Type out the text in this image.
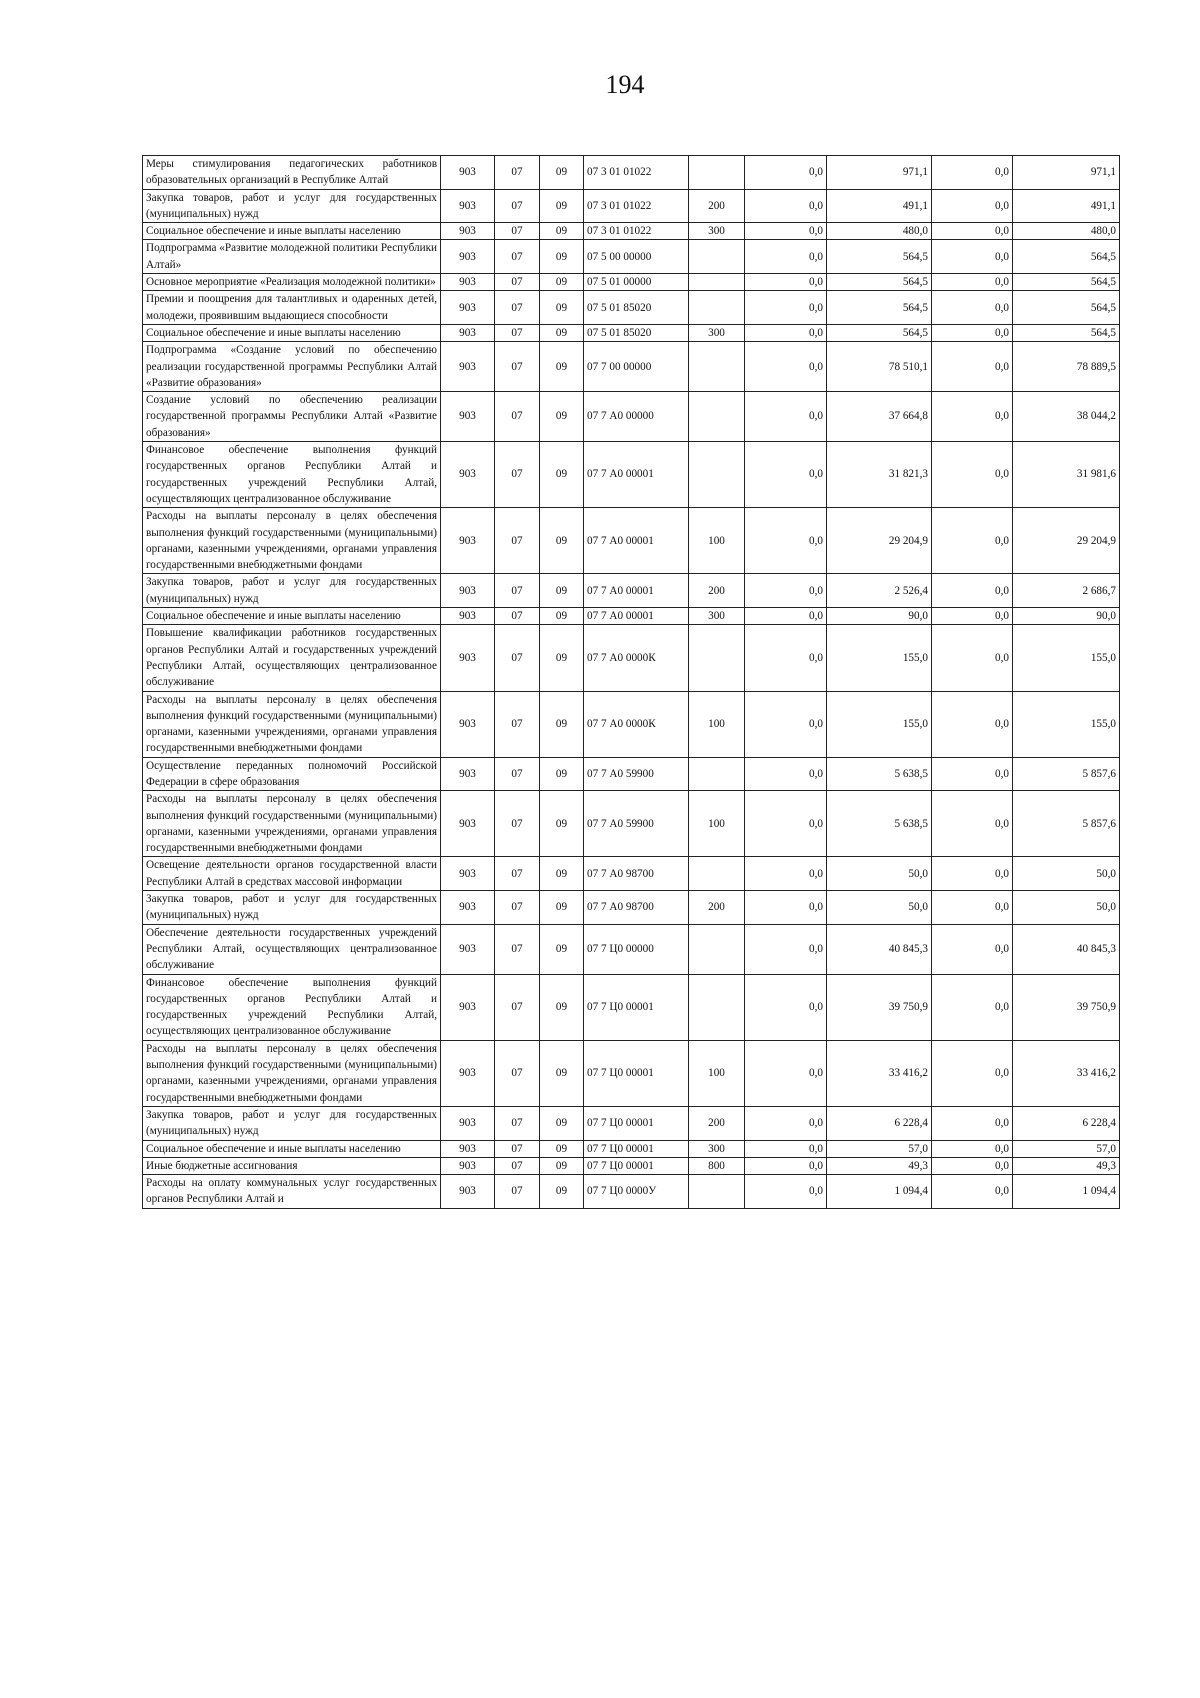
194
Меры стимулирования педагогических работников образовательных организаций в Республике Алтай	903	07	09	07 3 01 01022		0,0	971,1	0,0	971,1
Закупка товаров, работ и услуг для государственных (муниципальных) нужд	903	07	09	07 3 01 01022	200	0,0	491,1	0,0	491,1
Социальное обеспечение и иные выплаты населению	903	07	09	07 3 01 01022	300	0,0	480,0	0,0	480,0
Подпрограмма «Развитие молодежной политики Республики Алтай»	903	07	09	07 5 00 00000		0,0	564,5	0,0	564,5
Основное мероприятие «Реализация молодежной политики»	903	07	09	07 5 01 00000		0,0	564,5	0,0	564,5
Премии и поощрения для талантливых и одаренных детей, молодежи, проявившим выдающиеся способности	903	07	09	07 5 01 85020		0,0	564,5	0,0	564,5
Социальное обеспечение и иные выплаты населению	903	07	09	07 5 01 85020	300	0,0	564,5	0,0	564,5
Подпрограмма «Создание условий по обеспечению реализации государственной программы Республики Алтай «Развитие образования»	903	07	09	07 7 00 00000		0,0	78 510,1	0,0	78 889,5
Создание условий по обеспечению реализации государственной программы Республики Алтай «Развитие образования»	903	07	09	07 7 А0 00000		0,0	37 664,8	0,0	38 044,2
Финансовое обеспечение выполнения функций государственных органов Республики Алтай и государственных учреждений Республики Алтай, осуществляющих централизованное обслуживание	903	07	09	07 7 А0 00001		0,0	31 821,3	0,0	31 981,6
Расходы на выплаты персоналу в целях обеспечения выполнения функций государственными (муниципальными) органами, казенными учреждениями, органами управления государственными внебюджетными фондами	903	07	09	07 7 А0 00001	100	0,0	29 204,9	0,0	29 204,9
Закупка товаров, работ и услуг для государственных (муниципальных) нужд	903	07	09	07 7 А0 00001	200	0,0	2 526,4	0,0	2 686,7
Социальное обеспечение и иные выплаты населению	903	07	09	07 7 А0 00001	300	0,0	90,0	0,0	90,0
Повышение квалификации работников государственных органов Республики Алтай и государственных учреждений Республики Алтай, осуществляющих централизованное обслуживание	903	07	09	07 7 А0 0000К		0,0	155,0	0,0	155,0
Расходы на выплаты персоналу в целях обеспечения выполнения функций государственными (муниципальными) органами, казенными учреждениями, органами управления государственными внебюджетными фондами	903	07	09	07 7 А0 0000К	100	0,0	155,0	0,0	155,0
Осуществление переданных полномочий Российской Федерации в сфере образования	903	07	09	07 7 А0 59900		0,0	5 638,5	0,0	5 857,6
Расходы на выплаты персоналу в целях обеспечения выполнения функций государственными (муниципальными) органами, казенными учреждениями, органами управления государственными внебюджетными фондами	903	07	09	07 7 А0 59900	100	0,0	5 638,5	0,0	5 857,6
Освещение деятельности органов государственной власти Республики Алтай в средствах массовой информации	903	07	09	07 7 А0 98700		0,0	50,0	0,0	50,0
Закупка товаров, работ и услуг для государственных (муниципальных) нужд	903	07	09	07 7 А0 98700	200	0,0	50,0	0,0	50,0
Обеспечение деятельности государственных учреждений Республики Алтай, осуществляющих централизованное обслуживание	903	07	09	07 7 Ц0 00000		0,0	40 845,3	0,0	40 845,3
Финансовое обеспечение выполнения функций государственных органов Республики Алтай и государственных учреждений Республики Алтай, осуществляющих централизованное обслуживание	903	07	09	07 7 Ц0 00001		0,0	39 750,9	0,0	39 750,9
Расходы на выплаты персоналу в целях обеспечения выполнения функций государственными (муниципальными) органами, казенными учреждениями, органами управления государственными внебюджетными фондами	903	07	09	07 7 Ц0 00001	100	0,0	33 416,2	0,0	33 416,2
Закупка товаров, работ и услуг для государственных (муниципальных) нужд	903	07	09	07 7 Ц0 00001	200	0,0	6 228,4	0,0	6 228,4
Социальное обеспечение и иные выплаты населению	903	07	09	07 7 Ц0 00001	300	0,0	57,0	0,0	57,0
Иные бюджетные ассигнования	903	07	09	07 7 Ц0 00001	800	0,0	49,3	0,0	49,3
Расходы на оплату коммунальных услуг государственных органов Республики Алтай и	903	07	09	07 7 Ц0 0000У		0,0	1 094,4	0,0	1 094,4
